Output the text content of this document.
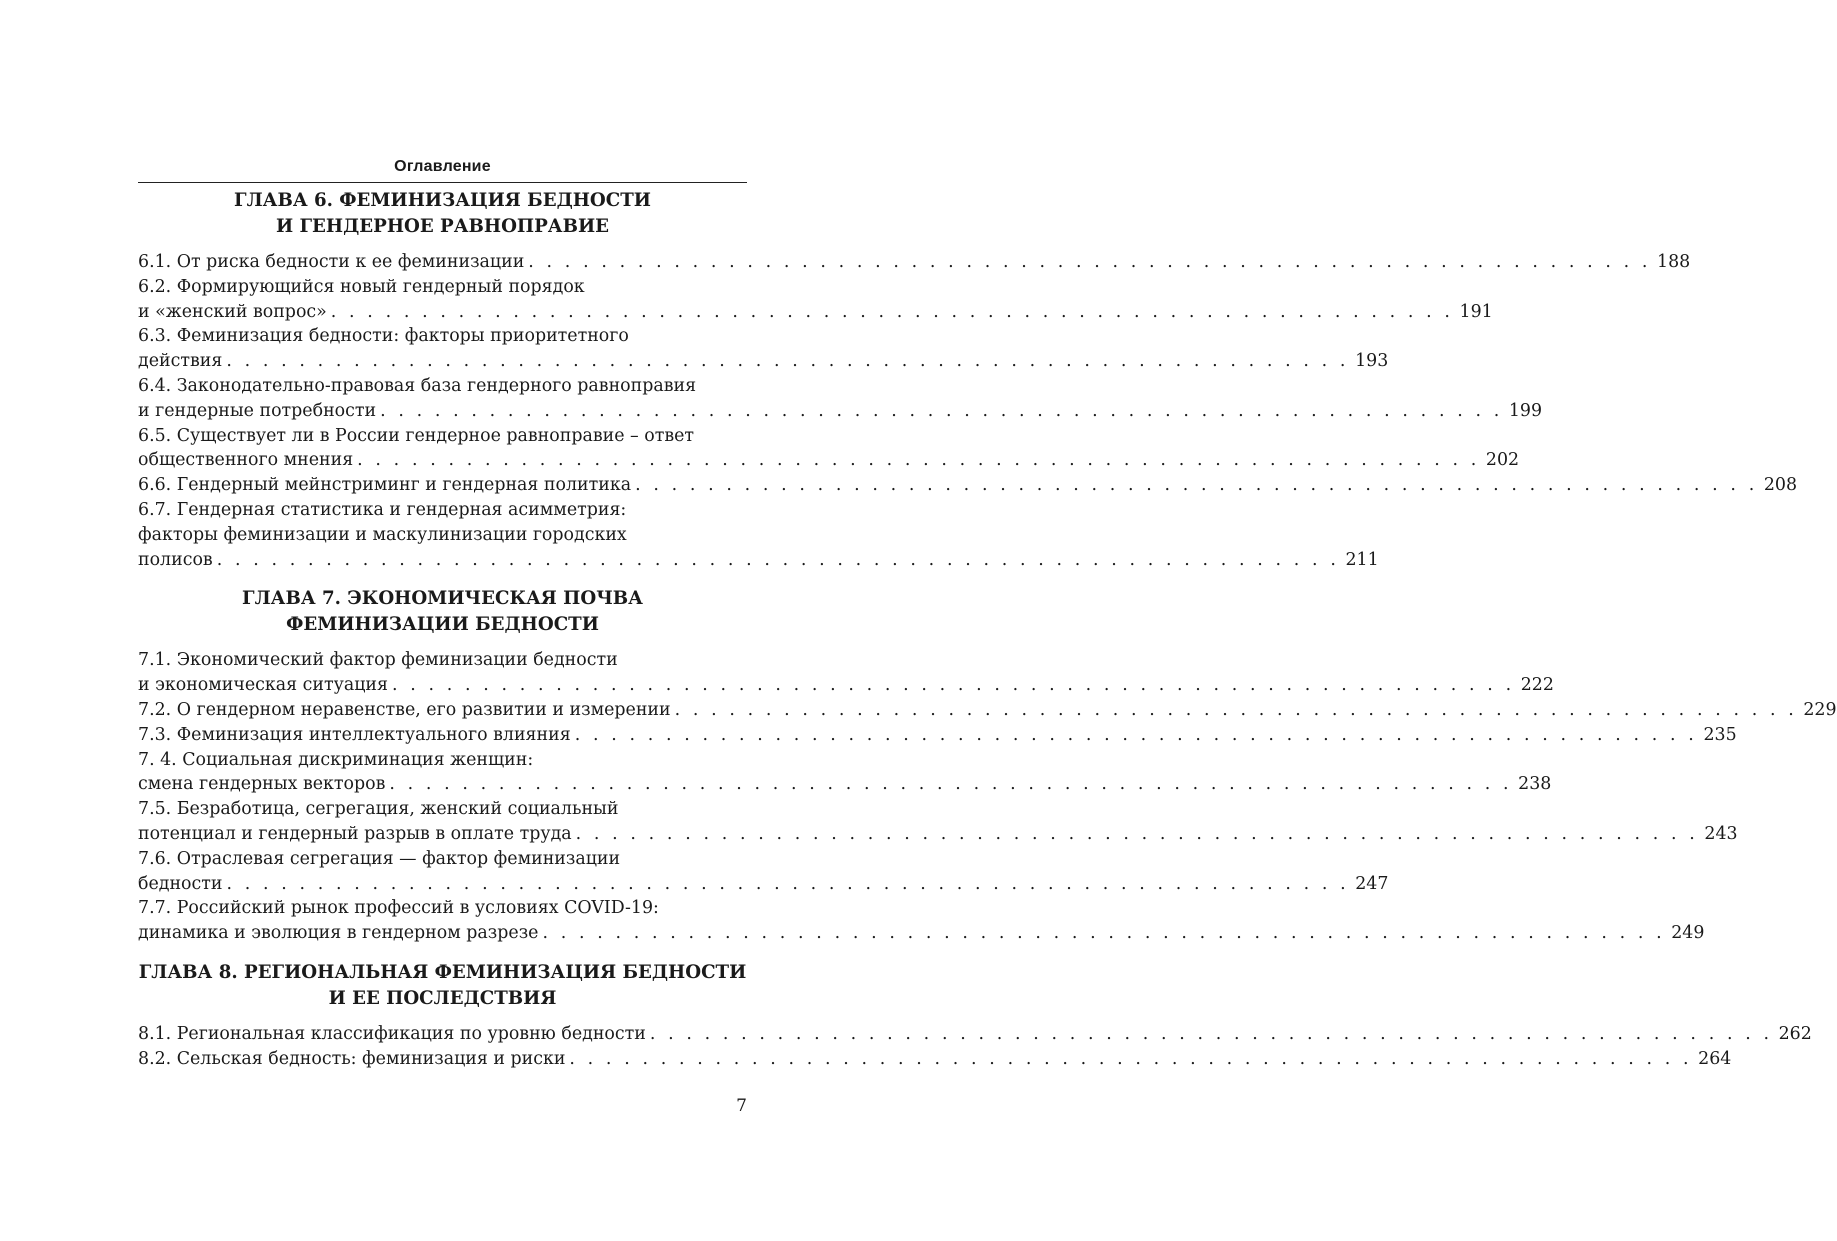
Оглавление
ГЛАВА 6. ФЕМИНИЗАЦИЯ БЕДНОСТИ
И ГЕНДЕРНОЕ РАВНОПРАВИЕ
6.1. От риска бедности к ее феминизации . . . . . . . . . . . . . . . . . . . . . . . . . . . . . . . . . . . . . . . . . . . . . . . . . . . . . . . . . . . . . . 188
6.2. Формирующийся новый гендерный порядок
и «женский вопрос» . . . . . . . . . . . . . . . . . . . . . . . . . . . . . . . . . . . . . . . . . . . . . . . . . . . . . . . . . . . . . . 191
6.3. Феминизация бедности: факторы приоритетного
действия . . . . . . . . . . . . . . . . . . . . . . . . . . . . . . . . . . . . . . . . . . . . . . . . . . . . . . . . . . . . . . 193
6.4. Законодательно-правовая база гендерного равноправия
и гендерные потребности . . . . . . . . . . . . . . . . . . . . . . . . . . . . . . . . . . . . . . . . . . . . . . . . . . . . . . . . . . . . . . 199
6.5. Существует ли в России гендерное равноправие – ответ
общественного мнения . . . . . . . . . . . . . . . . . . . . . . . . . . . . . . . . . . . . . . . . . . . . . . . . . . . . . . . . . . . . . . 202
6.6. Гендерный мейнстриминг и гендерная политика . . . . . . . . . . . . . . . . . . . . . . . . . . . . . . . . . . . . . . . . . . . . . . . . . . . . . . . . . . . . . . 208
6.7. Гендерная статистика и гендерная асимметрия:
факторы феминизации и маскулинизации городских
полисов . . . . . . . . . . . . . . . . . . . . . . . . . . . . . . . . . . . . . . . . . . . . . . . . . . . . . . . . . . . . . . 211
ГЛАВА 7. ЭКОНОМИЧЕСКАЯ ПОЧВА
ФЕМИНИЗАЦИИ БЕДНОСТИ
7.1. Экономический фактор феминизации бедности
и экономическая ситуация . . . . . . . . . . . . . . . . . . . . . . . . . . . . . . . . . . . . . . . . . . . . . . . . . . . . . . . . . . . . . . 222
7.2. О гендерном неравенстве, его развитии и измерении . . . . . . . . . . . . . . . . . . . . . . . . . . . . . . . . . . . . . . . . . . . . . . . . . . . . . . . . . . . . . . 229
7.3. Феминизация интеллектуального влияния . . . . . . . . . . . . . . . . . . . . . . . . . . . . . . . . . . . . . . . . . . . . . . . . . . . . . . . . . . . . . . 235
7. 4. Социальная дискриминация женщин:
смена гендерных векторов . . . . . . . . . . . . . . . . . . . . . . . . . . . . . . . . . . . . . . . . . . . . . . . . . . . . . . . . . . . . . . 238
7.5. Безработица, сегрегация, женский социальный
потенциал и гендерный разрыв в оплате труда . . . . . . . . . . . . . . . . . . . . . . . . . . . . . . . . . . . . . . . . . . . . . . . . . . . . . . . . . . . . . . 243
7.6. Отраслевая сегрегация — фактор феминизации
бедности . . . . . . . . . . . . . . . . . . . . . . . . . . . . . . . . . . . . . . . . . . . . . . . . . . . . . . . . . . . . . . 247
7.7. Российский рынок профессий в условиях COVID-19:
динамика и эволюция в гендерном разрезе . . . . . . . . . . . . . . . . . . . . . . . . . . . . . . . . . . . . . . . . . . . . . . . . . . . . . . . . . . . . . . 249
ГЛАВА 8. РЕГИОНАЛЬНАЯ ФЕМИНИЗАЦИЯ БЕДНОСТИ
И ЕЕ ПОСЛЕДСТВИЯ
8.1. Региональная классификация по уровню бедности . . . . . . . . . . . . . . . . . . . . . . . . . . . . . . . . . . . . . . . . . . . . . . . . . . . . . . . . . . . . . . 262
8.2. Сельская бедность: феминизация и риски . . . . . . . . . . . . . . . . . . . . . . . . . . . . . . . . . . . . . . . . . . . . . . . . . . . . . . . . . . . . . . 264
7
